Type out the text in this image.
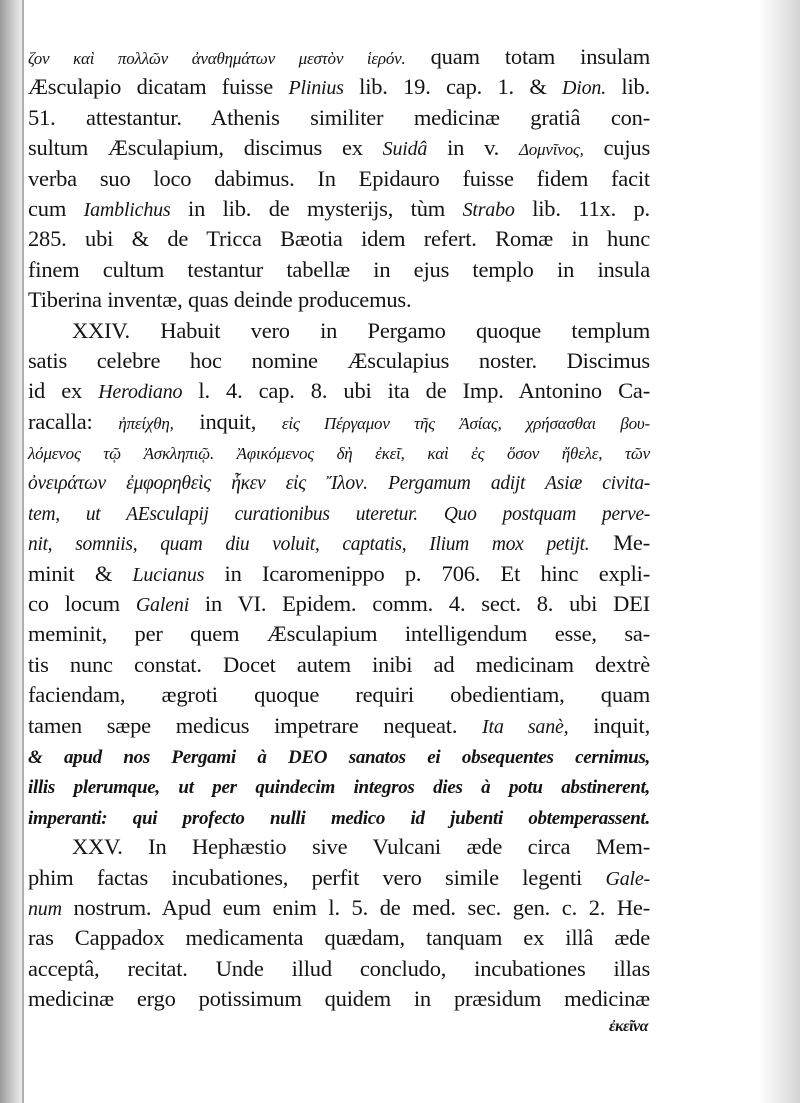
ζον καὶ πολλῶν ἀναθημάτων μεστὸν ἱερόν. quam totam insulam
Æsculapio dicatam fuisse Plinius lib. 19. cap. 1. & Dion. lib.
51. attestantur. Athenis similiter medicinæ gratiâ con-
sultum Æsculapium, discimus ex Suidâ in v. Δομνῖνος, cujus
verba suo loco dabimus. In Epidauro fuisse fidem facit
cum Iamblichus in lib. de mysterijs, tùm Strabo lib. 11x. p.
285. ubi & de Tricca Bæotia idem refert. Romæ in hunc
finem cultum testantur tabellæ in ejus templo in insula
Tiberina inventæ, quas deinde producemus.
XXIV. Habuit vero in Pergamo quoque templum
satis celebre hoc nomine Æsculapius noster. Discimus
id ex Herodiano l. 4. cap. 8. ubi ita de Imp. Antonino Ca-
racalla: ἠπείχθη, inquit, εἰς Πέργαμον τῆς Ἀσίας, χρήσασθαι βου-
λόμενος τῷ Ἀσκληπιῷ. Ἀφικόμενος δὴ ἐκεῖ, καὶ ἐς ὅσον ἤθελε, τῶν
ὀνειράτων ἐμφορηθεὶς ἧκεν εἰς Ἴλον. Pergamum adijt Asiæ civita-
tem, ut AEsculapij curationibus uteretur. Quo postquam perve-
nit, somniis, quam diu voluit, captatis, Ilium mox petijt. Me-
minit & Lucianus in Icaromenippo p. 706. Et hinc expli-
co locum Galeni in VI. Epidem. comm. 4. sect. 8. ubi DEI
meminit, per quem Æsculapium intelligendum esse, sa-
tis nunc constat. Docet autem inibi ad medicinam dextrè
faciendam, ægroti quoque requiri obedientiam, quam
tamen sæpe medicus impetrare nequeat. Ita sanè, inquit,
& apud nos Pergami à DEO sanatos ei obsequentes cernimus,
illis plerumque, ut per quindecim integros dies à potu abstinerent,
imperanti: qui profecto nulli medico id jubenti obtemperassent.
XXV. In Hephæstio sive Vulcani æde circa Mem-
phim factas incubationes, perfit vero simile legenti Gale-
num nostrum. Apud eum enim l. 5. de med. sec. gen. c. 2. He-
ras Cappadox medicamenta quædam, tanquam ex illâ æde
acceptâ, recitat. Unde illud concludo, incubationes illas
medicinæ ergo potissimum quidem in præsidum medicinæ
ἐκεῖνα
